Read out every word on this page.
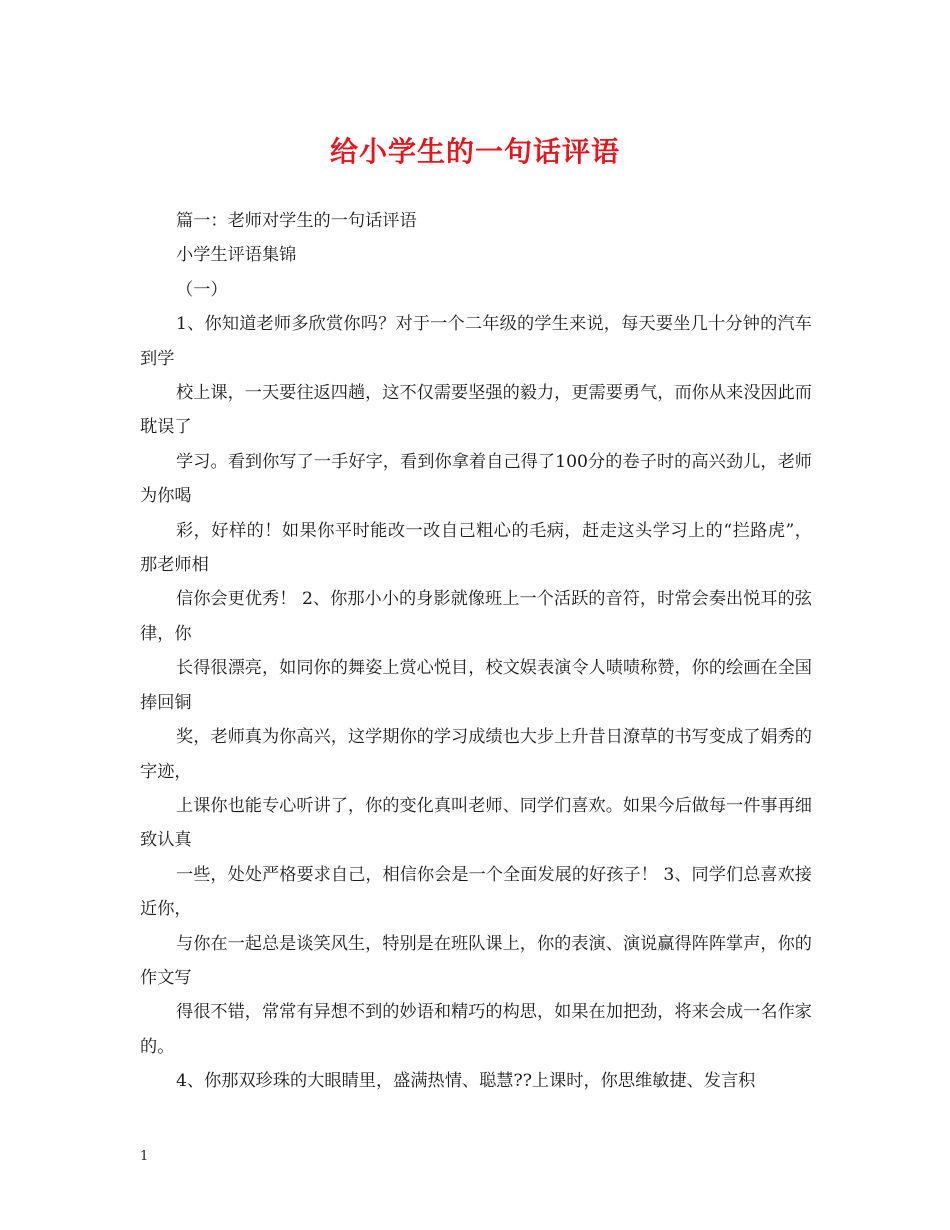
给小学生的一句话评语

篇一：老师对学生的一句话评语

小学生评语集锦

（一）

1、你知道老师多欣赏你吗？对于一个二年级的学生来说，每天要坐几十分钟的汽车到学

校上课，一天要往返四趟，这不仅需要坚强的毅力，更需要勇气，而你从来没因此而耽误了

学习。看到你写了一手好字，看到你拿着自己得了100分的卷子时的高兴劲儿，老师为你喝

彩，好样的！如果你平时能改一改自己粗心的毛病，赶走这头学习上的“拦路虎”，那老师相

信你会更优秀！ 2、你那小小的身影就像班上一个活跃的音符，时常会奏出悦耳的弦律，你

长得很漂亮，如同你的舞姿上赏心悦目，校文娱表演令人啧啧称赞，你的绘画在全国捧回铜

奖，老师真为你高兴，这学期你的学习成绩也大步上升昔日潦草的书写变成了娟秀的字迹，

上课你也能专心听讲了，你的变化真叫老师、同学们喜欢。如果今后做每一件事再细致认真

一些，处处严格要求自己，相信你会是一个全面发展的好孩子！ 3、同学们总喜欢接近你，

与你在一起总是谈笑风生，特别是在班队课上，你的表演、演说赢得阵阵掌声，你的作文写

得很不错，常常有异想不到的妙语和精巧的构思，如果在加把劲，将来会成一名作家的。

4、你那双珍珠的大眼睛里，盛满热情、聪慧??上课时，你思维敏捷、发言积

1
